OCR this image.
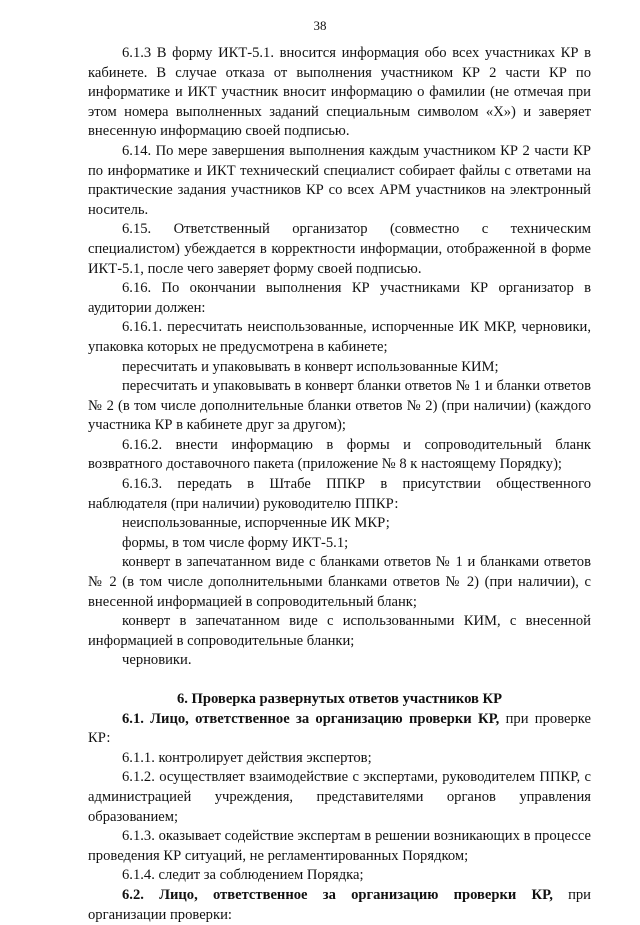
38

6.1.3 В форму ИКТ-5.1. вносится информация обо всех участниках КР в кабинете. В случае отказа от выполнения участником КР 2 части КР по информатике и ИКТ участник вносит информацию о фамилии (не отмечая при этом номера выполненных заданий специальным символом «X») и заверяет внесенную информацию своей подписью.

6.14. По мере завершения выполнения каждым участником КР 2 части КР по информатике и ИКТ технический специалист собирает файлы с ответами на практические задания участников КР со всех АРМ участников на электронный носитель.

6.15. Ответственный организатор (совместно с техническим специалистом) убеждается в корректности информации, отображенной в форме ИКТ-5.1, после чего заверяет форму своей подписью.

6.16. По окончании выполнения КР участниками КР организатор в аудитории должен:

6.16.1. пересчитать неиспользованные, испорченные ИК МКР, черновики, упаковка которых не предусмотрена в кабинете;

пересчитать и упаковывать в конверт использованные КИМ;

пересчитать и упаковывать в конверт бланки ответов № 1 и бланки ответов № 2 (в том числе дополнительные бланки ответов № 2) (при наличии) (каждого участника КР в кабинете друг за другом);

6.16.2. внести информацию в формы и сопроводительный бланк возвратного доставочного пакета (приложение № 8 к настоящему Порядку);

6.16.3. передать в Штабе ППКР в присутствии общественного наблюдателя (при наличии) руководителю ППКР:

неиспользованные, испорченные ИК МКР;

формы, в том числе форму ИКТ-5.1;

конверт в запечатанном виде с бланками ответов № 1 и бланками ответов № 2 (в том числе дополнительными бланками ответов № 2) (при наличии), с внесенной информацией в сопроводительный бланк;

конверт в запечатанном виде с использованными КИМ, с внесенной информацией в сопроводительные бланки;

черновики.

6. Проверка развернутых ответов участников КР

6.1. Лицо, ответственное за организацию проверки КР, при проверке КР:

6.1.1. контролирует действия экспертов;

6.1.2. осуществляет взаимодействие с экспертами, руководителем ППКР, с администрацией учреждения, представителями органов управления образованием;

6.1.3. оказывает содействие экспертам в решении возникающих в процессе проведения КР ситуаций, не регламентированных Порядком;

6.1.4. следит за соблюдением Порядка;

6.2. Лицо, ответственное за организацию проверки КР, при организации проверки:
